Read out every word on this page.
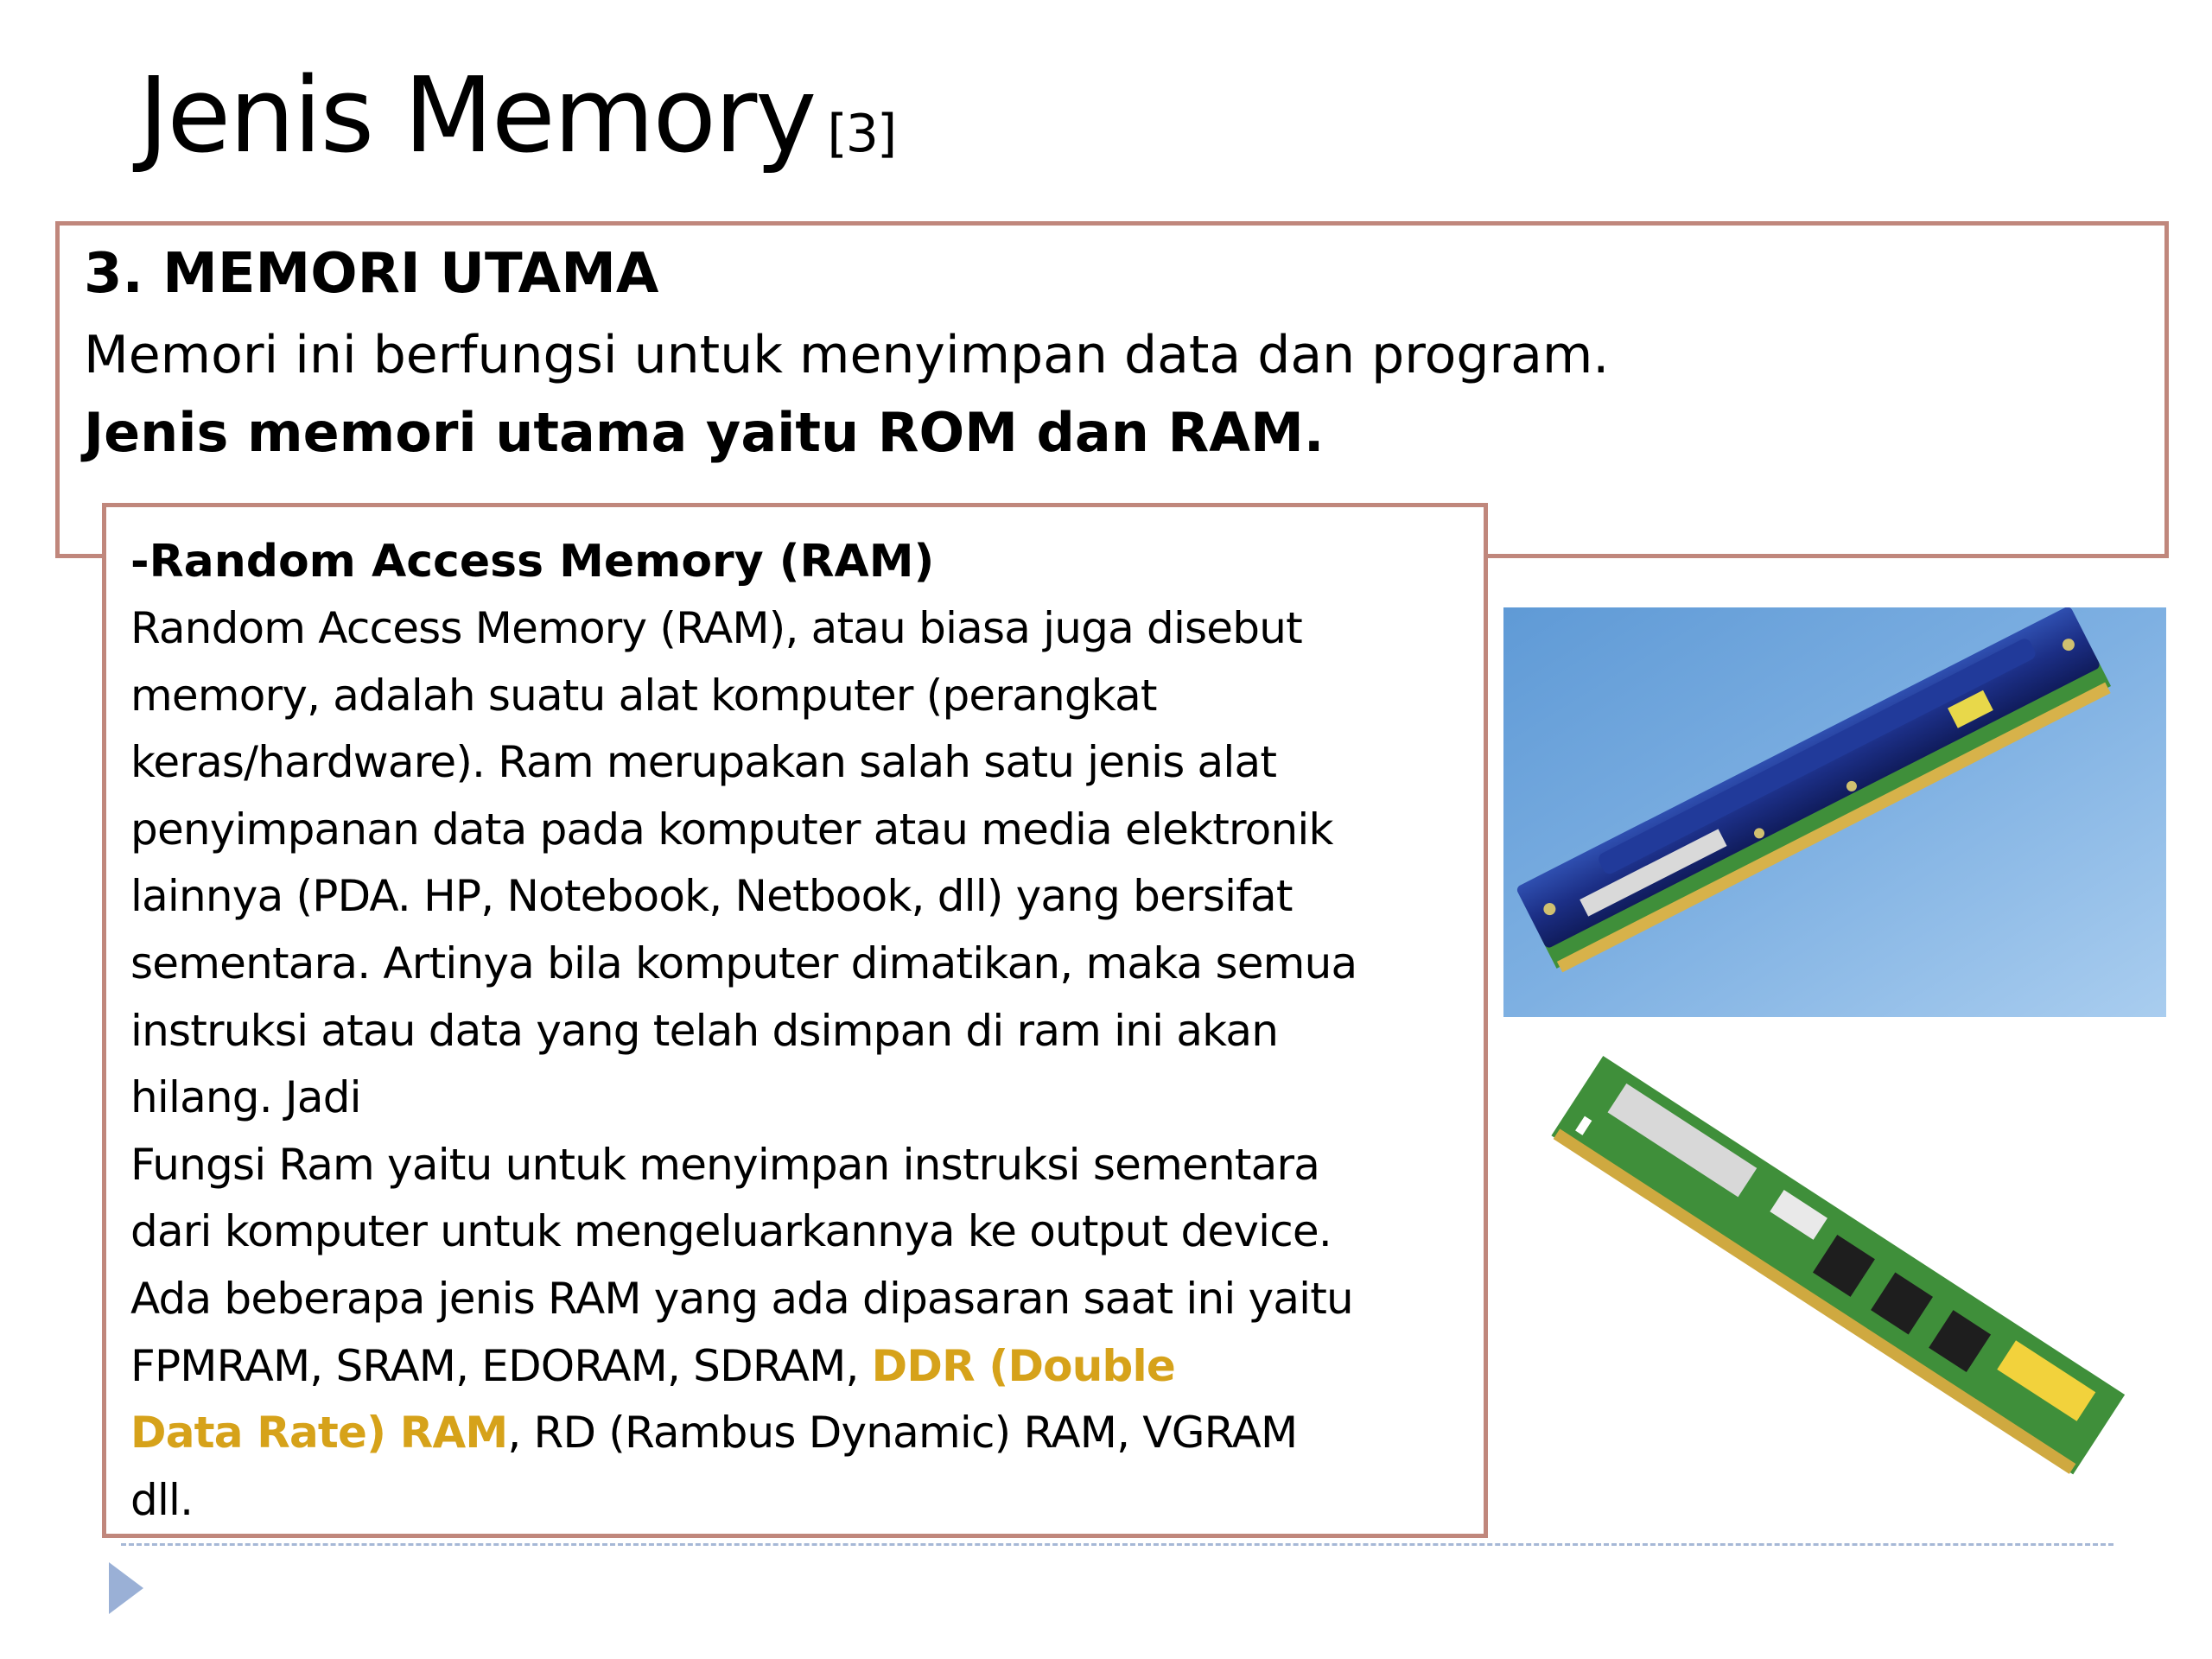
Jenis Memory [3]
3. MEMORI UTAMA
Memori ini berfungsi untuk menyimpan data dan program.
Jenis memori utama yaitu ROM dan RAM.

-Random Access Memory (RAM)

Random Access Memory (RAM), atau biasa juga disebut
memory, adalah suatu alat komputer (perangkat
keras/hardware). Ram merupakan salah satu jenis alat
penyimpanan data pada komputer atau media elektronik
lainnya (PDA. HP, Notebook, Netbook, dll) yang bersifat
sementara. Artinya bila komputer dimatikan, maka semua
instruksi atau data yang telah dsimpan di ram ini akan
hilang. Jadi
Fungsi Ram yaitu untuk menyimpan instruksi sementara
dari komputer untuk mengeluarkannya ke output device.
Ada beberapa jenis RAM yang ada dipasaran saat ini yaitu
FPMRAM, SRAM, EDORAM, SDRAM, DDR (Double
Data Rate) RAM, RD (Rambus Dynamic) RAM, VGRAM
dll.
